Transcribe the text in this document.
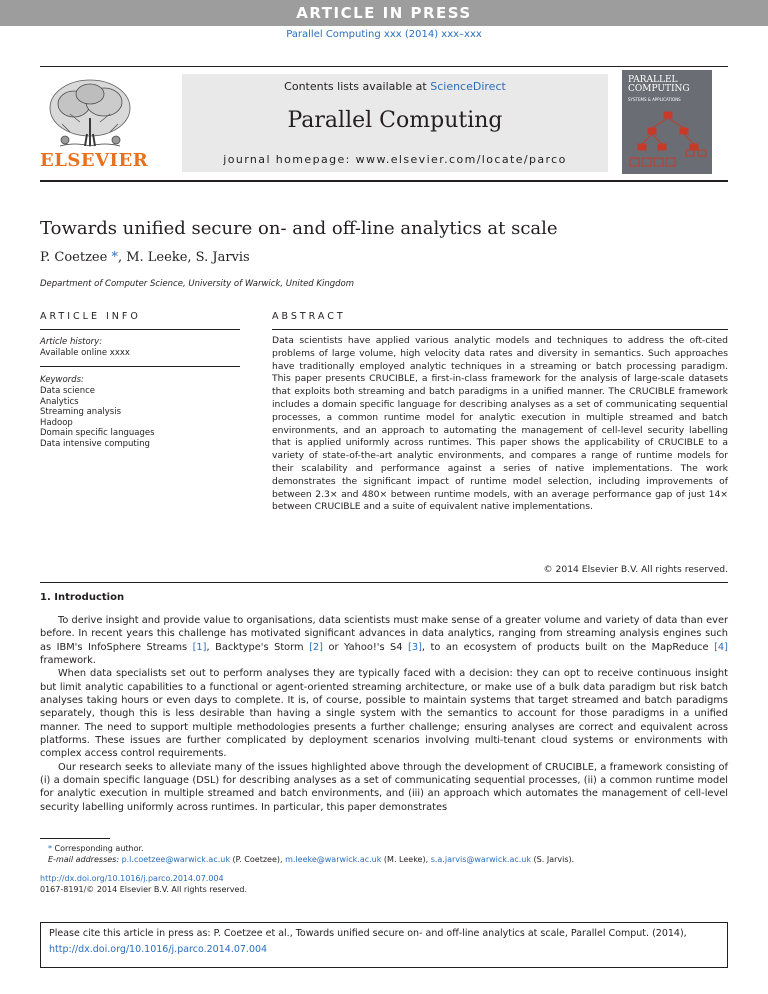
ARTICLE IN PRESS
Parallel Computing xxx (2014) xxx–xxx
Contents lists available at ScienceDirect
Parallel Computing
journal homepage: www.elsevier.com/locate/parco
ELSEVIER
PARALLEL
COMPUTING
SYSTEMS & APPLICATIONS
Towards unified secure on- and off-line analytics at scale
P. Coetzee *, M. Leeke, S. Jarvis
Department of Computer Science, University of Warwick, United Kingdom
ARTICLE INFO
Article history:
Available online xxxx
Keywords:
Data science
Analytics
Streaming analysis
Hadoop
Domain specific languages
Data intensive computing
ABSTRACT
Data scientists have applied various analytic models and techniques to address the oft-cited problems of large volume, high velocity data rates and diversity in semantics. Such approaches have traditionally employed analytic techniques in a streaming or batch processing paradigm. This paper presents CRUCIBLE, a first-in-class framework for the analysis of large-scale datasets that exploits both streaming and batch paradigms in a unified manner. The CRUCIBLE framework includes a domain specific language for describing analyses as a set of communicating sequential processes, a common runtime model for analytic execution in multiple streamed and batch environments, and an approach to automating the management of cell-level security labelling that is applied uniformly across runtimes. This paper shows the applicability of CRUCIBLE to a variety of state-of-the-art analytic environments, and compares a range of runtime models for their scalability and performance against a series of native implementations. The work demonstrates the significant impact of runtime model selection, including improvements of between 2.3× and 480× between runtime models, with an average performance gap of just 14× between CRUCIBLE and a suite of equivalent native implementations.
© 2014 Elsevier B.V. All rights reserved.
1. Introduction

To derive insight and provide value to organisations, data scientists must make sense of a greater volume and variety of data than ever before. In recent years this challenge has motivated significant advances in data analytics, ranging from streaming analysis engines such as IBM's InfoSphere Streams [1], Backtype's Storm [2] or Yahoo!'s S4 [3], to an ecosystem of products built on the MapReduce [4] framework.

When data specialists set out to perform analyses they are typically faced with a decision: they can opt to receive continuous insight but limit analytic capabilities to a functional or agent-oriented streaming architecture, or make use of a bulk data paradigm but risk batch analyses taking hours or even days to complete. It is, of course, possible to maintain systems that target streamed and batch paradigms separately, though this is less desirable than having a single system with the semantics to account for those paradigms in a unified manner. The need to support multiple methodologies presents a further challenge; ensuring analyses are correct and equivalent across platforms. These issues are further complicated by deployment scenarios involving multi-tenant cloud systems or environments with complex access control requirements.

Our research seeks to alleviate many of the issues highlighted above through the development of CRUCIBLE, a framework consisting of (i) a domain specific language (DSL) for describing analyses as a set of communicating sequential processes, (ii) a common runtime model for analytic execution in multiple streamed and batch environments, and (iii) an approach which automates the management of cell-level security labelling uniformly across runtimes. In particular, this paper demonstrates

* Corresponding author.
E-mail addresses: p.l.coetzee@warwick.ac.uk (P. Coetzee), m.leeke@warwick.ac.uk (M. Leeke), s.a.jarvis@warwick.ac.uk (S. Jarvis).
http://dx.doi.org/10.1016/j.parco.2014.07.004
0167-8191/© 2014 Elsevier B.V. All rights reserved.
Please cite this article in press as: P. Coetzee et al., Towards unified secure on- and off-line analytics at scale, Parallel Comput. (2014),
http://dx.doi.org/10.1016/j.parco.2014.07.004
